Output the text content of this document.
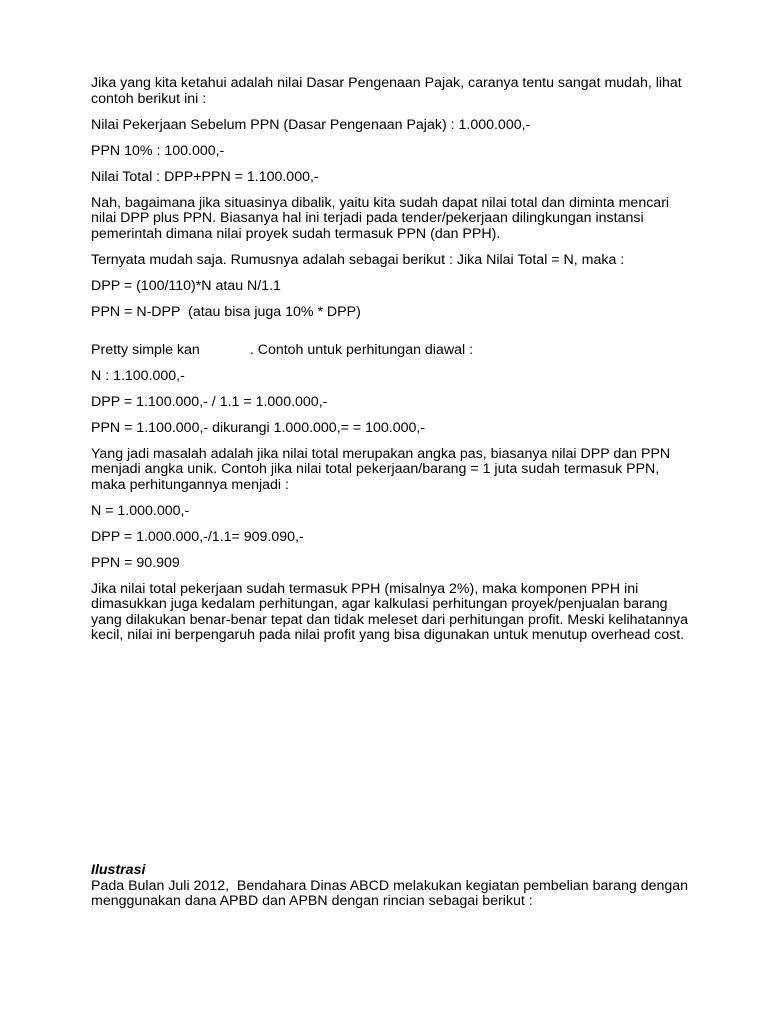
Jika yang kita ketahui adalah nilai Dasar Pengenaan Pajak, caranya tentu sangat mudah, lihat contoh berikut ini :

Nilai Pekerjaan Sebelum PPN (Dasar Pengenaan Pajak) : 1.000.000,-

PPN 10% : 100.000,-

Nilai Total : DPP+PPN = 1.100.000,-

Nah, bagaimana jika situasinya dibalik, yaitu kita sudah dapat nilai total dan diminta mencari nilai DPP plus PPN. Biasanya hal ini terjadi pada tender/pekerjaan dilingkungan instansi pemerintah dimana nilai proyek sudah termasuk PPN (dan PPH).

Ternyata mudah saja. Rumusnya adalah sebagai berikut : Jika Nilai Total = N, maka :

DPP = (100/110)*N atau N/1.1

PPN = N-DPP  (atau bisa juga 10% * DPP)

Pretty simple kan	. Contoh untuk perhitungan diawal :

N : 1.100.000,-

DPP = 1.100.000,- / 1.1 = 1.000.000,-

PPN = 1.100.000,- dikurangi 1.000.000,= = 100.000,-

Yang jadi masalah adalah jika nilai total merupakan angka pas, biasanya nilai DPP dan PPN menjadi angka unik. Contoh jika nilai total pekerjaan/barang = 1 juta sudah termasuk PPN, maka perhitungannya menjadi :

N = 1.000.000,-

DPP = 1.000.000,-/1.1= 909.090,-

PPN = 90.909

Jika nilai total pekerjaan sudah termasuk PPH (misalnya 2%), maka komponen PPH ini dimasukkan juga kedalam perhitungan, agar kalkulasi perhitungan proyek/penjualan barang yang dilakukan benar-benar tepat dan tidak meleset dari perhitungan profit. Meski kelihatannya kecil, nilai ini berpengaruh pada nilai profit yang bisa digunakan untuk menutup overhead cost.

Ilustrasi

Pada Bulan Juli 2012,  Bendahara Dinas ABCD melakukan kegiatan pembelian barang dengan menggunakan dana APBD dan APBN dengan rincian sebagai berikut :
